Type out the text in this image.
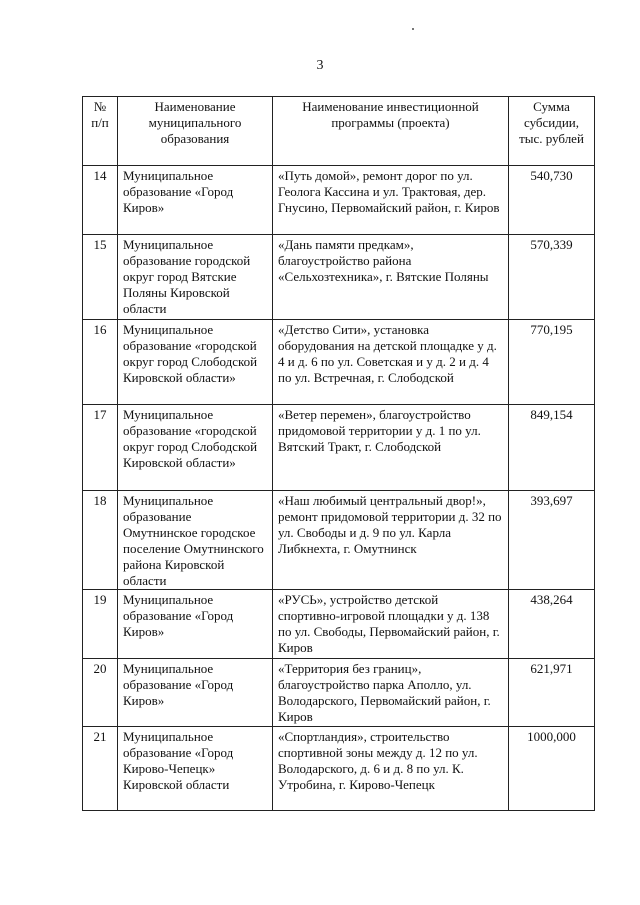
3
№ п/п	Наименование муниципального образования	Наименование инвестиционной программы (проекта)	Сумма субсидии, тыс. рублей
14	Муниципальное образование «Город Киров»	«Путь домой», ремонт дорог по ул. Геолога Кассина и ул. Трактовая, дер. Гнусино, Первомайский район, г. Киров	540,730
15	Муниципальное образование городской округ город Вятские Поляны Кировской области	«Дань памяти предкам», благоустройство района «Сельхозтехника», г. Вятские Поляны	570,339
16	Муниципальное образование «городской округ город Слободской Кировской области»	«Детство Сити», установка оборудования на детской площадке у д. 4 и д. 6 по ул. Советская и у д. 2 и д. 4 по ул. Встречная, г. Слободской	770,195
17	Муниципальное образование «городской округ город Слободской Кировской области»	«Ветер перемен», благоустройство придомовой территории у д. 1 по ул. Вятский Тракт, г. Слободской	849,154
18	Муниципальное образование Омутнинское городское поселение Омутнинского района Кировской области	«Наш любимый центральный двор!», ремонт придомовой территории д. 32 по ул. Свободы и д. 9 по ул. Карла Либкнехта, г. Омутнинск	393,697
19	Муниципальное образование «Город Киров»	«РУСЬ», устройство детской спортивно-игровой площадки у д. 138 по ул. Свободы, Первомайский район, г. Киров	438,264
20	Муниципальное образование «Город Киров»	«Территория без границ», благоустройство парка Аполло, ул. Володарского, Первомайский район, г. Киров	621,971
21	Муниципальное образование «Город Кирово-Чепецк» Кировской области	«Спортландия», строительство спортивной зоны между д. 12 по ул. Володарского, д. 6 и д. 8 по ул. К. Утробина, г. Кирово-Чепецк	1000,000
